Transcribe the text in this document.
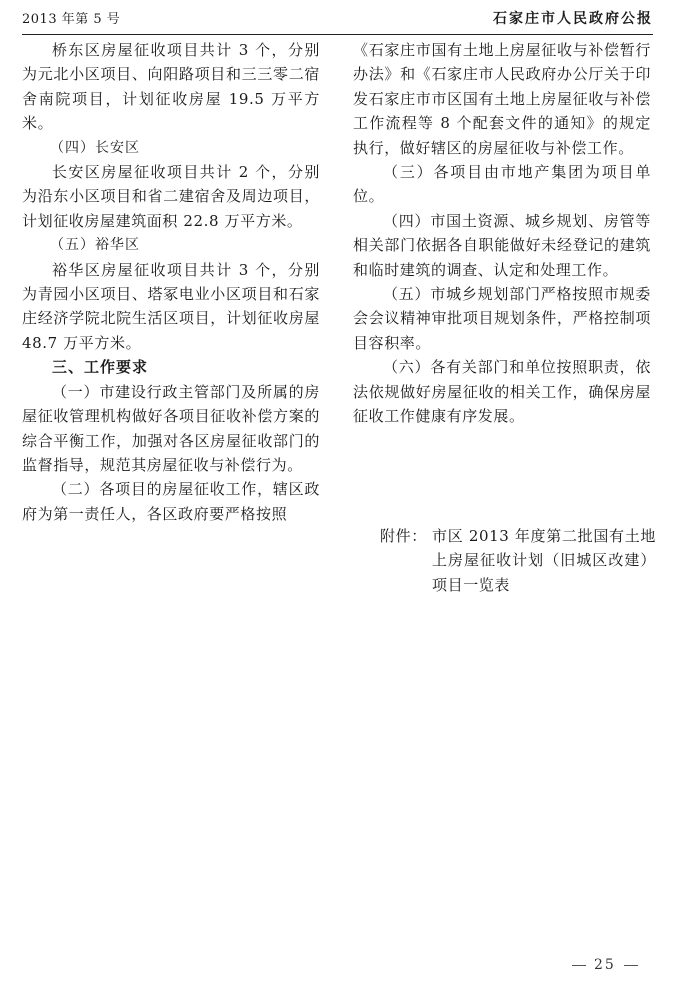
2013 年第 5 号	石家庄市人民政府公报

桥东区房屋征收项目共计 3 个，分别为元北小区项目、向阳路项目和三三零二宿舍南院项目，计划征收房屋 19.5 万平方米。

（四）长安区

长安区房屋征收项目共计 2 个，分别为沿东小区项目和省二建宿舍及周边项目，计划征收房屋建筑面积 22.8 万平方米。

（五）裕华区

裕华区房屋征收项目共计 3 个，分别为青园小区项目、塔冢电业小区项目和石家庄经济学院北院生活区项目，计划征收房屋 48.7 万平方米。

三、工作要求

（一）市建设行政主管部门及所属的房屋征收管理机构做好各项目征收补偿方案的综合平衡工作，加强对各区房屋征收部门的监督指导，规范其房屋征收与补偿行为。

（二）各项目的房屋征收工作，辖区政府为第一责任人，各区政府要严格按照

《石家庄市国有土地上房屋征收与补偿暂行办法》和《石家庄市人民政府办公厅关于印发石家庄市市区国有土地上房屋征收与补偿工作流程等 8 个配套文件的通知》的规定执行，做好辖区的房屋征收与补偿工作。

（三）各项目由市地产集团为项目单位。

（四）市国土资源、城乡规划、房管等相关部门依据各自职能做好未经登记的建筑和临时建筑的调查、认定和处理工作。

（五）市城乡规划部门严格按照市规委会会议精神审批项目规划条件，严格控制项目容积率。

（六）各有关部门和单位按照职责，依法依规做好房屋征收的相关工作，确保房屋征收工作健康有序发展。

附件： 市区 2013 年度第二批国有土地上房屋征收计划（旧城区改建）项目一览表
25
